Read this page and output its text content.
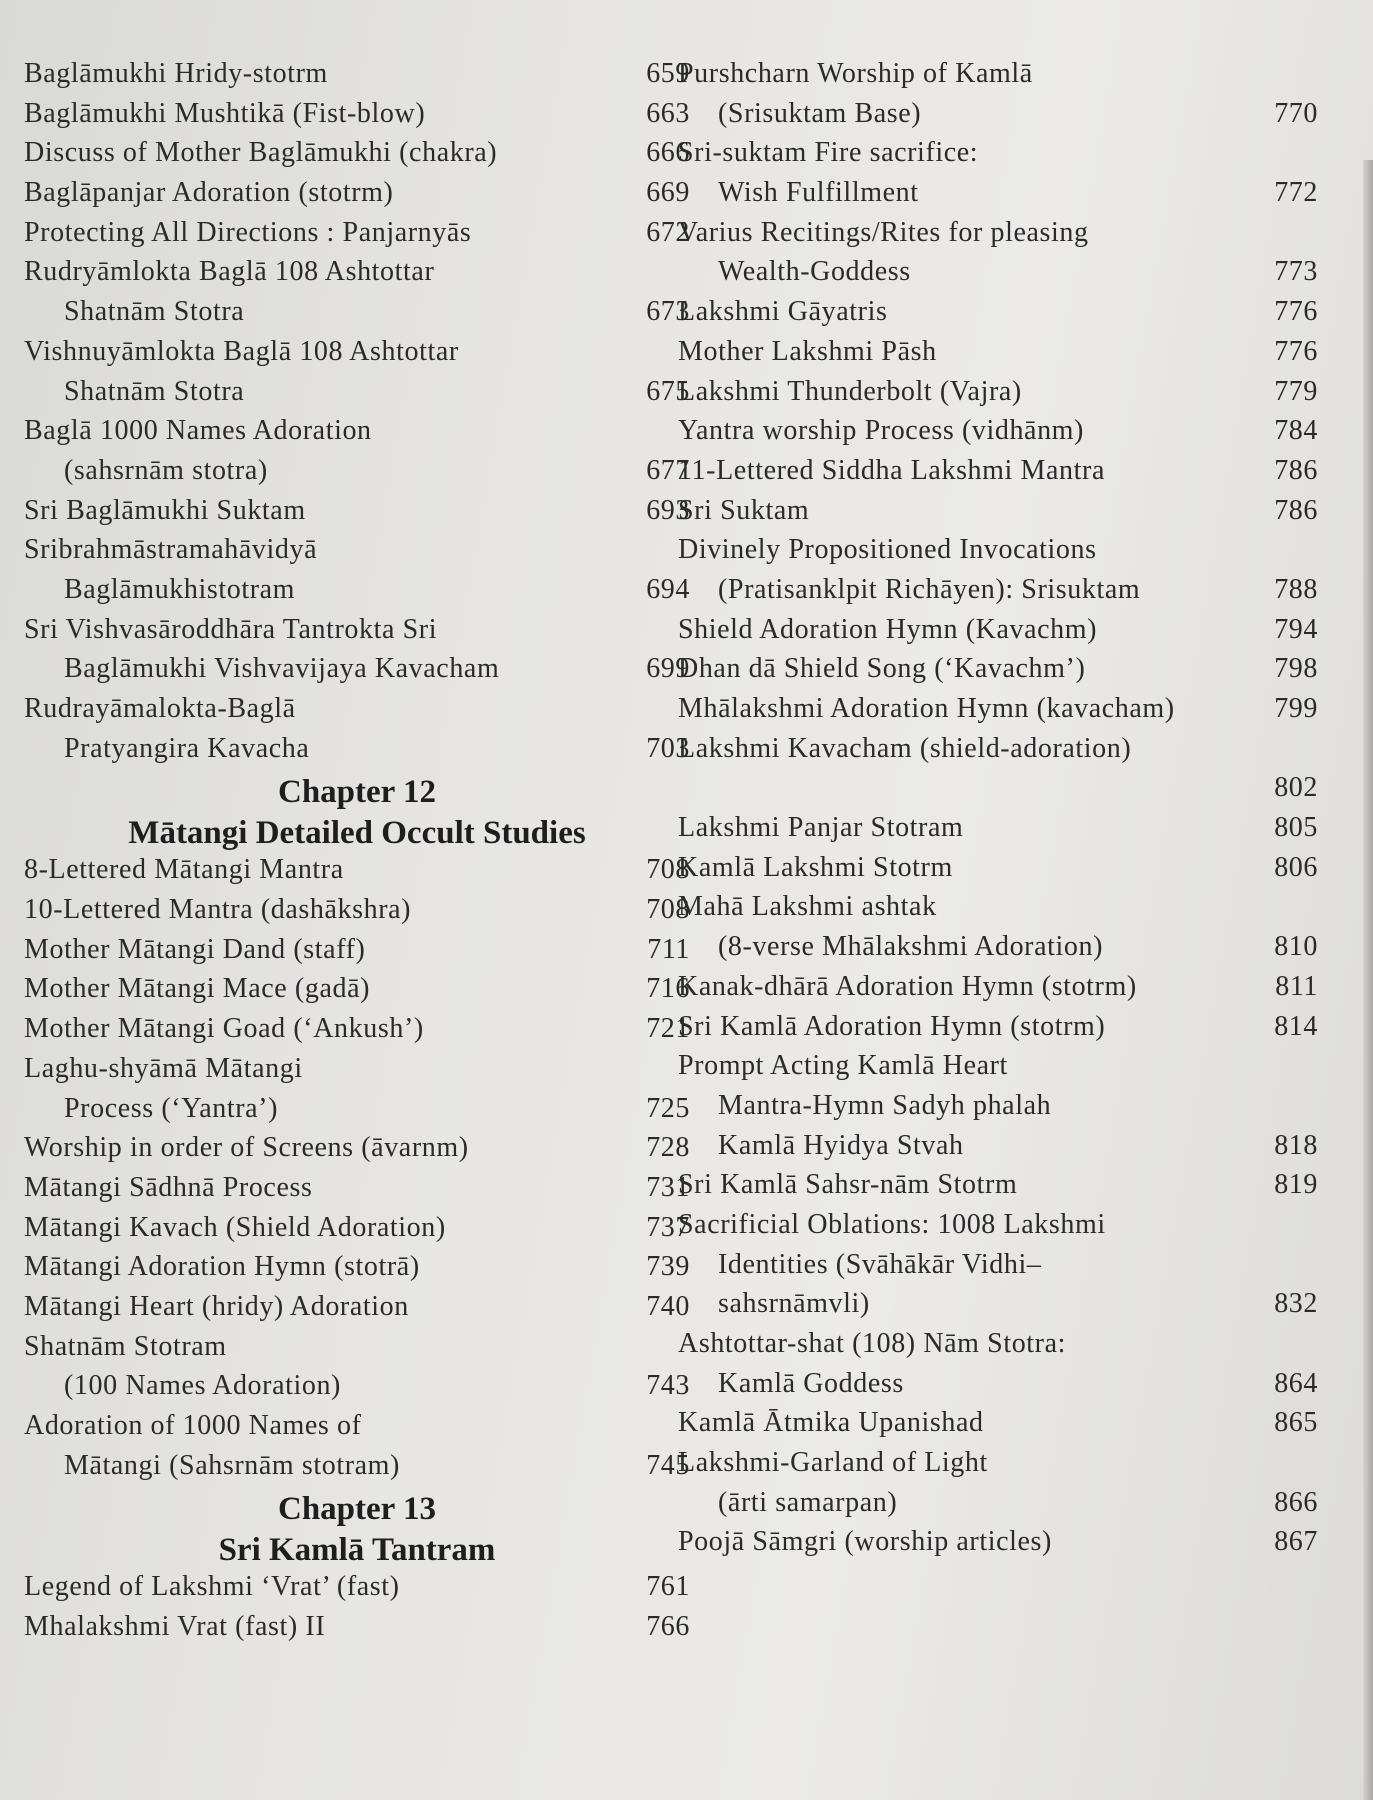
Baglāmukhi Hridy-stotrm	659
Baglāmukhi Mushtikā (Fist-blow)	663
Discuss of Mother Baglāmukhi (chakra)	666
Baglāpanjar Adoration (stotrm)	669
Protecting All Directions : Panjarnyās	672
Rudryāmlokta Baglā 108 Ashtottar
Shatnām Stotra	673
Vishnuyāmlokta Baglā 108 Ashtottar
Shatnām Stotra	675
Baglā 1000 Names Adoration
(sahsrnām stotra)	677
Sri Baglāmukhi Suktam	693
Sribrahmāstramahāvidyā
Baglāmukhistotram	694
Sri Vishvasāroddhāra Tantrokta Sri
Baglāmukhi Vishvavijaya Kavacham	699
Rudrayāmalokta-Baglā
Pratyangira Kavacha	703
Chapter 12
Mātangi Detailed Occult Studies
8-Lettered Mātangi Mantra	708
10-Lettered Mantra (dashākshra)	708
Mother Mātangi Dand (staff)	711
Mother Mātangi Mace (gadā)	716
Mother Mātangi Goad (‘Ankush’)	721
Laghu-shyāmā Mātangi
Process (‘Yantra’)	725
Worship in order of Screens (āvarnm)	728
Mātangi Sādhnā Process	731
Mātangi Kavach (Shield Adoration)	737
Mātangi Adoration Hymn (stotrā)	739
Mātangi Heart (hridy) Adoration	740
Shatnām Stotram
(100 Names Adoration)	743
Adoration of 1000 Names of
Mātangi (Sahsrnām stotram)	745
Chapter 13
Sri Kamlā Tantram
Legend of Lakshmi ‘Vrat’ (fast)	761
Mhalakshmi Vrat (fast) II	766
Purshcharn Worship of Kamlā
(Srisuktam Base)	770
Sri-suktam Fire sacrifice:
Wish Fulfillment	772
Varius Recitings/Rites for pleasing
Wealth-Goddess	773
Lakshmi Gāyatris	776
Mother Lakshmi Pāsh	776
Lakshmi Thunderbolt (Vajra)	779
Yantra worship Process (vidhānm)	784
11-Lettered Siddha Lakshmi Mantra	786
Sri Suktam	786
Divinely Propositioned Invocations
(Pratisanklpit Richāyen): Srisuktam	788
Shield Adoration Hymn (Kavachm)	794
Dhan dā Shield Song (‘Kavachm’)	798
Mhālakshmi Adoration Hymn (kavacham)	799
Lakshmi Kavacham (shield-adoration)
802
Lakshmi Panjar Stotram	805
Kamlā Lakshmi Stotrm	806
Mahā Lakshmi ashtak
(8-verse Mhālakshmi Adoration)	810
Kanak-dhārā Adoration Hymn (stotrm)	811
Sri Kamlā Adoration Hymn (stotrm)	814
Prompt Acting Kamlā Heart
Mantra-Hymn Sadyh phalah
Kamlā Hyidya Stvah	818
Sri Kamlā Sahsr-nām Stotrm	819
Sacrificial Oblations: 1008 Lakshmi
Identities (Svāhākār Vidhi–
sahsrnāmvli)	832
Ashtottar-shat (108) Nām Stotra:
Kamlā Goddess	864
Kamlā Ātmika Upanishad	865
Lakshmi-Garland of Light
(ārti samarpan)	866
Poojā Sāmgri (worship articles)	867
